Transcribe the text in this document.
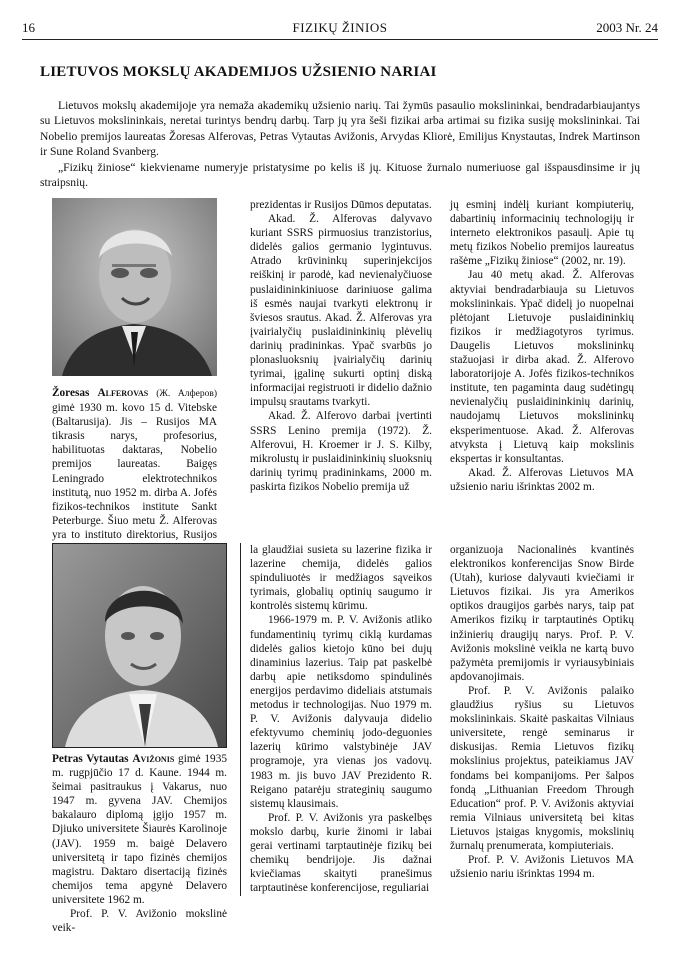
16	FIZIKŲ ŽINIOS	2003 Nr. 24
LIETUVOS MOKSLŲ AKADEMIJOS UŽSIENIO NARIAI

Lietuvos mokslų akademijoje yra nemaža akademikų užsienio narių. Tai žymūs pasaulio mokslininkai, bendradarbiaujantys su Lietuvos mokslininkais, neretai turintys bendrų darbų. Tarp jų yra šeši fizikai arba artimai su fizika susiję mokslininkai. Tai Nobelio premijos laureatas Žoresas Alferovas, Petras Vytautas Avižonis, Arvydas Kliorė, Emilijus Knystautas, Indrek Martinson ir Sune Roland Svanberg.

„Fizikų žiniose“ kiekviename numeryje pristatysime po kelis iš jų. Kituose žurnalo numeriuose gal išspausdinsime ir jų straipsnių.

Žoresas Alferovas (Ж. Алферов) gimė 1930 m. kovo 15 d. Vitebske (Baltarusija). Jis – Rusijos MA tikrasis narys, profesorius, habilituotas daktaras, Nobelio premijos laureatas. Baigęs Leningrado elektrotechnikos institutą, nuo 1952 m. dirba A. Jofės fizikos-technikos institute Sankt Peterburge. Šiuo metu Ž. Alferovas yra to instituto direktorius, Rusijos

prezidentas ir Rusijos Dūmos deputatas.

Akad. Ž. Alferovas dalyvavo kuriant SSRS pirmuosius tranzistorius, didelės galios germanio lygintuvus. Atrado krūvininkų superinjekcijos reiškinį ir parodė, kad nevienalyčiuose puslaidininkiniuose dariniuose galima iš esmės naujai tvarkyti elektronų ir šviesos srautus. Akad. Ž. Alferovas yra įvairialyčių puslaidininkinių plėvelių darinių pradininkas. Ypač svarbūs jo plonasluoksnių įvairialyčių darinių tyrimai, įgalinę sukurti optinį diską informacijai registruoti ir didelio dažnio impulsų srautams tvarkyti.

Akad. Ž. Alferovo darbai įvertinti SSRS Lenino premija (1972). Ž. Alferovui, H. Kroemer ir J. S. Kilby, mikrolustų ir puslaidininkinių sluoksnių darinių tyrimų pradininkams, 2000 m. paskirta fizikos Nobelio premija už

jų esminį indėlį kuriant kompiuterių, dabartinių informacinių technologijų ir interneto elektronikos pasaulį. Apie tų metų fizikos Nobelio premijos laureatus rašėme „Fizikų žiniose“ (2002, nr. 19).

Jau 40 metų akad. Ž. Alferovas aktyviai bendradarbiauja su Lietuvos mokslininkais. Ypač didelį jo nuopelnai plėtojant Lietuvoje puslaidininkių fizikos ir medžiagotyros tyrimus. Daugelis Lietuvos mokslininkų stažuojasi ir dirba akad. Ž. Alferovo laboratorijoje A. Jofės fizikos-technikos institute, ten pagaminta daug sudėtingų nevienalyčių puslaidininkinių darinių, naudojamų Lietuvos mokslininkų eksperimentuose. Akad. Ž. Alferovas atvyksta į Lietuvą kaip mokslinis ekspertas ir konsultantas.

Akad. Ž. Alferovas Lietuvos MA užsienio nariu išrinktas 2002 m.

Petras Vytautas Avižonis gimė 1935 m. rugpjūčio 17 d. Kaune. 1944 m. šeimai pasitraukus į Vakarus, nuo 1947 m. gyvena JAV. Chemijos bakalauro diplomą įgijo 1957 m. Djiuko universitete Šiaurės Karolinoje (JAV). 1959 m. baigė Delavero universitetą ir tapo fizinės chemijos magistru. Daktaro disertaciją fizinės chemijos tema apgynė Delavero universitete 1962 m.

Prof. P. V. Avižonio mokslinė veik-

la glaudžiai susieta su lazerine fizika ir lazerine chemija, didelės galios spinduliuotės ir medžiagos sąveikos tyrimais, globalių optinių saugumo ir kontrolės sistemų kūrimu.

1966-1979 m. P. V. Avižonis atliko fundamentinių tyrimų ciklą kurdamas didelės galios kietojo kūno bei dujų dinaminius lazerius. Taip pat paskelbė darbų apie netiksdomo spindulinės energijos perdavimo dideliais atstumais metodus ir technologijas. Nuo 1979 m. P. V. Avižonis dalyvauja didelio efektyvumo cheminių jodo-deguonies lazerių kūrimo valstybinėje JAV programoje, yra vienas jos vadovų. 1983 m. jis buvo JAV Prezidento R. Reigano patarėju strateginių saugumo sistemų klausimais.

Prof. P. V. Avižonis yra paskelbęs mokslo darbų, kurie žinomi ir labai gerai vertinami tarptautinėje fizikų bei chemikų bendrijoje. Jis dažnai kviečiamas skaityti pranešimus tarptautinėse konferencijose, reguliariai

organizuoja Nacionalinės kvantinės elektronikos konferencijas Snow Birde (Utah), kuriose dalyvauti kviečiami ir Lietuvos fizikai. Jis yra Amerikos optikos draugijos garbės narys, taip pat Amerikos fizikų ir tarptautinės Optikų inžinierių draugijų narys. Prof. P. V. Avižonis mokslinė veikla ne kartą buvo pažymėta premijomis ir vyriausybiniais apdovanojimais.

Prof. P. V. Avižonis palaiko glaudžius ryšius su Lietuvos mokslininkais. Skaitė paskaitas Vilniaus universitete, rengė seminarus ir diskusijas. Remia Lietuvos fizikų mokslinius projektus, pateikiamus JAV fondams bei kompanijoms. Per šalpos fondą „Lithuanian Freedom Through Education“ prof. P. V. Avižonis aktyviai remia Vilniaus universitetą bei kitas Lietuvos įstaigas knygomis, mokslinių žurnalų prenumerata, kompiuteriais.

Prof. P. V. Avižonis Lietuvos MA užsienio nariu išrinktas 1994 m.
